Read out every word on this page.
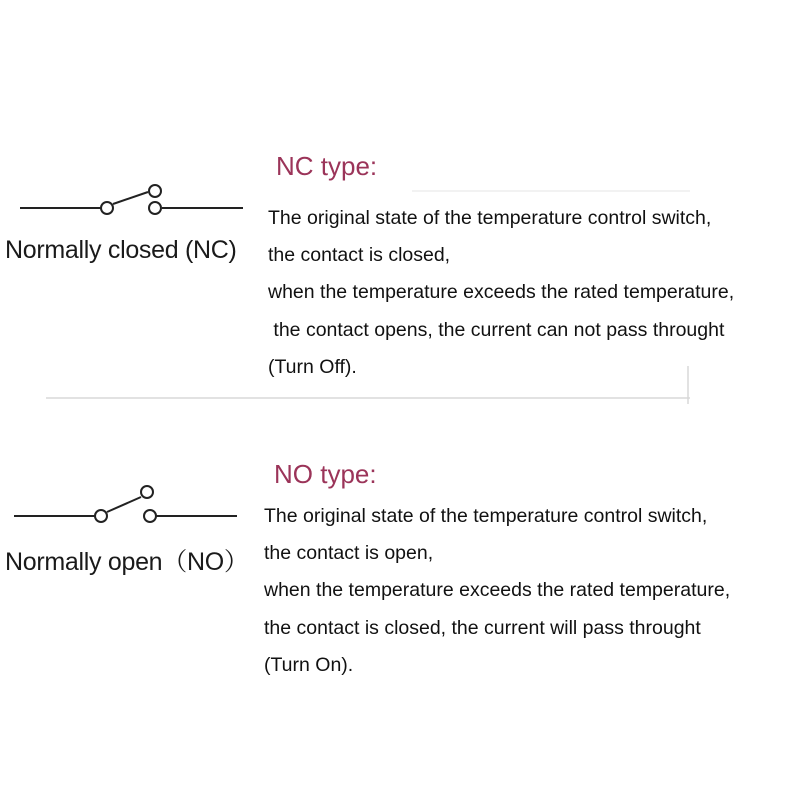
Normally closed (NC)
NC type:
The original state of the temperature control switch,
the contact is closed,
when the temperature exceeds the rated temperature,
the contact opens, the current can not pass throught
(Turn Off).
Normally open（NO）
NO type:
The original state of the temperature control switch,
the contact is open,
when the temperature exceeds the rated temperature,
the contact is closed, the current will pass throught
(Turn On).
